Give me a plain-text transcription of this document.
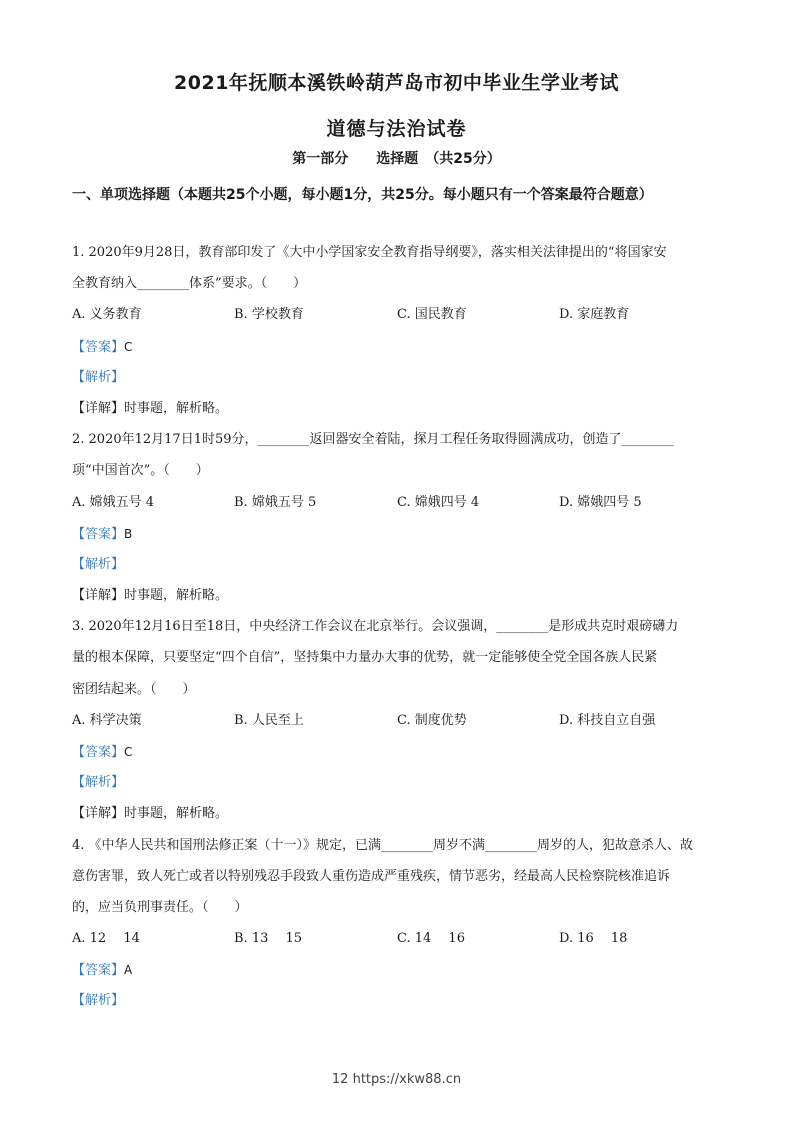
2021年抚顺本溪铁岭葫芦岛市初中毕业生学业考试
道德与法治试卷
第一部分　　选择题　（共25分）
一、单项选择题（本题共25个小题，每小题1分，共25分。每小题只有一个答案最符合题意）
1. 2020年9月28日，教育部印发了《大中小学国家安全教育指导纲要》，落实相关法律提出的“将国家安
全教育纳入________体系”要求。（　　）
A. 义务教育	B. 学校教育	C. 国民教育	D. 家庭教育
【答案】C
【解析】
【详解】时事题，解析略。
2. 2020年12月17日1时59分，________返回器安全着陆，探月工程任务取得圆满成功，创造了________
项“中国首次”。（　　）
A. 嫦娥五号 4	B. 嫦娥五号 5	C. 嫦娥四号 4	D. 嫦娥四号 5
【答案】B
【解析】
【详解】时事题，解析略。
3. 2020年12月16日至18日，中央经济工作会议在北京举行。会议强调，________是形成共克时艰磅礴力
量的根本保障，只要坚定“四个自信”，坚持集中力量办大事的优势，就一定能够使全党全国各族人民紧
密团结起来。（　　）
A. 科学决策	B. 人民至上	C. 制度优势	D. 科技自立自强
【答案】C
【解析】
【详解】时事题，解析略。
4. 《中华人民共和国刑法修正案（十一）》规定，已满________周岁不满________周岁的人，犯故意杀人、故
意伤害罪，致人死亡或者以特别残忍手段致人重伤造成严重残疾，情节恶劣，经最高人民检察院核准追诉
的，应当负刑事责任。（　　）
A. 12　 14	B. 13　 15	C. 14　 16	D. 16　 18
【答案】A
【解析】
12 https://xkw88.cn
